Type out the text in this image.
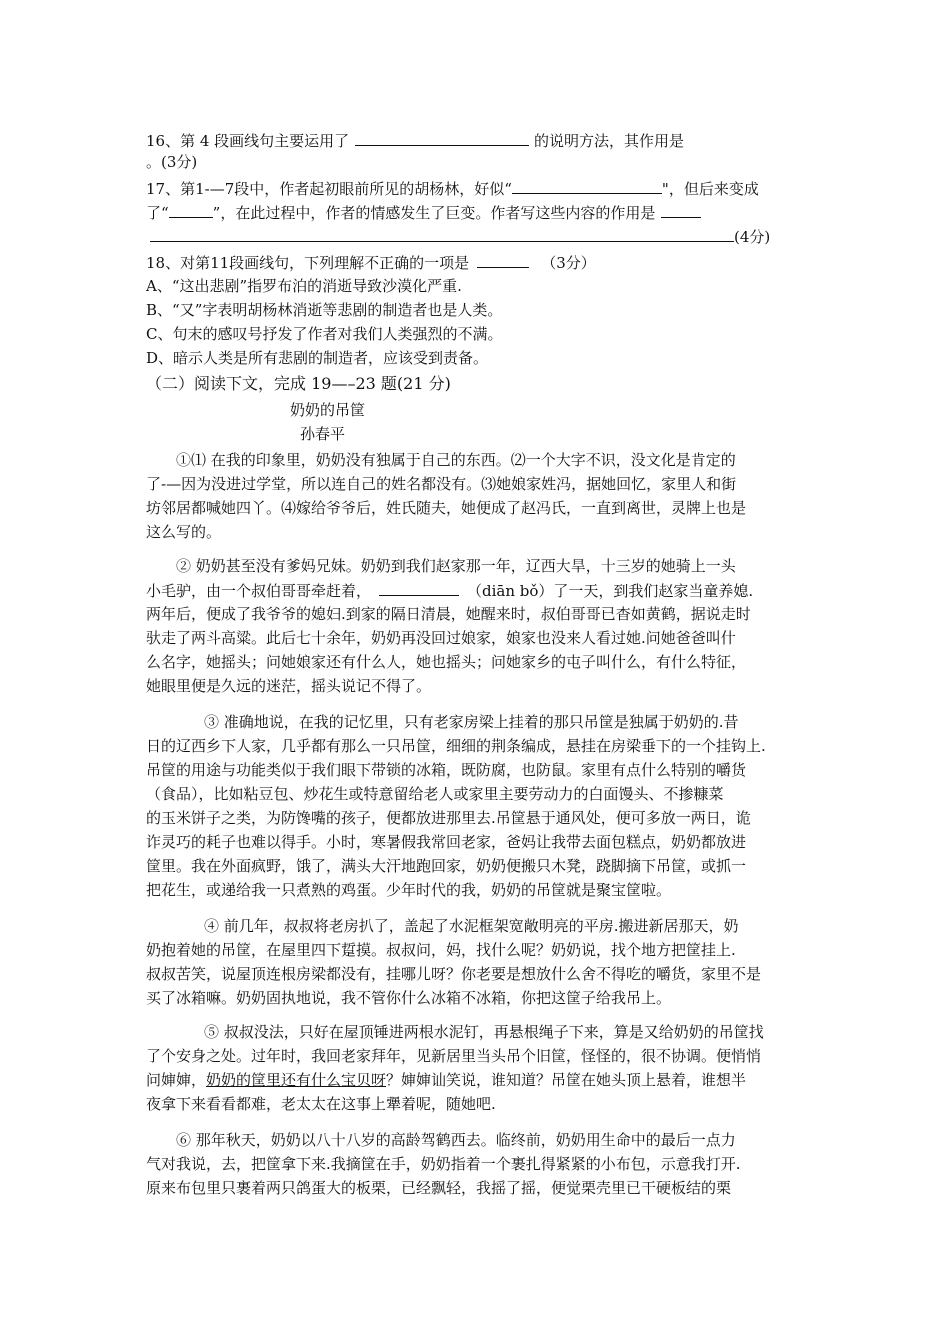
16、第 4 段画线句主要运用了	的说明方法，其作用是
。(3分)
17、第1-—7段中，作者起初眼前所见的胡杨林，好似“	"，但后来变成
了“	”，在此过程中，作者的情感发生了巨变。作者写这些内容的作用是
(4分)
18、对第11段画线句，下列理解不正确的一项是	（3分）
A、“这出悲剧”指罗布泊的消逝导致沙漠化严重.
B、“又”字表明胡杨林消逝等悲剧的制造者也是人类。
C、句末的感叹号抒发了作者对我们人类强烈的不满。
D、暗示人类是所有悲剧的制造者，应该受到责备。
（二）阅读下文，完成 19—–23 题(21 分)
奶奶的吊筐
孙春平
①⑴ 在我的印象里，奶奶没有独属于自己的东西。⑵一个大字不识，没文化是肯定的
了-—因为没进过学堂，所以连自己的姓名都没有。⑶她娘家姓冯，据她回忆，家里人和街
坊邻居都喊她四丫。⑷嫁给爷爷后，姓氏随夫，她便成了赵冯氏，一直到离世，灵牌上也是
这么写的。
② 奶奶甚至没有爹妈兄妹。奶奶到我们赵家那一年，辽西大旱，十三岁的她骑上一头
小毛驴，由一个叔伯哥哥牵赶着，	（diān bǒ）了一天，到我们赵家当童养媳.
两年后，便成了我爷爷的媳妇.到家的隔日清晨，她醒来时，叔伯哥哥已杳如黄鹤，据说走时
驮走了两斗高粱。此后七十余年，奶奶再没回过娘家，娘家也没来人看过她.问她爸爸叫什
么名字，她摇头；问她娘家还有什么人，她也摇头；问她家乡的屯子叫什么，有什么特征，
她眼里便是久远的迷茫，摇头说记不得了。
③ 准确地说，在我的记忆里，只有老家房梁上挂着的那只吊筐是独属于奶奶的.昔
日的辽西乡下人家，几乎都有那么一只吊筐，细细的荆条编成，悬挂在房梁垂下的一个挂钩上.
吊筐的用途与功能类似于我们眼下带锁的冰箱，既防腐，也防鼠。家里有点什么特别的嚼货
（食品），比如粘豆包、炒花生或特意留给老人或家里主要劳动力的白面馒头、不掺糠菜
的玉米饼子之类，为防馋嘴的孩子，便都放进那里去.吊筐悬于通风处，便可多放一两日，诡
诈灵巧的耗子也难以得手。小时，寒暑假我常回老家，爸妈让我带去面包糕点，奶奶都放进
筐里。我在外面疯野，饿了，满头大汗地跑回家，奶奶便搬只木凳，跷脚摘下吊筐，或抓一
把花生，或递给我一只煮熟的鸡蛋。少年时代的我，奶奶的吊筐就是聚宝筐啦。
④ 前几年，叔叔将老房扒了，盖起了水泥框架宽敞明亮的平房.搬进新居那天，奶
奶抱着她的吊筐，在屋里四下踅摸。叔叔问，妈，找什么呢？奶奶说，找个地方把筐挂上.
叔叔苦笑，说屋顶连根房梁都没有，挂哪儿呀？你老要是想放什么舍不得吃的嚼货，家里不是
买了冰箱嘛。奶奶固执地说，我不管你什么冰箱不冰箱，你把这筐子给我吊上。
⑤ 叔叔没法，只好在屋顶锤进两根水泥钉，再悬根绳子下来，算是又给奶奶的吊筐找
了个安身之处。过年时，我回老家拜年，见新居里当头吊个旧筐，怪怪的，很不协调。便悄悄
问婶婶，奶奶的筐里还有什么宝贝呀？婶婶讪笑说，谁知道？吊筐在她头顶上悬着，谁想半
夜拿下来看看都难，老太太在这事上犟着呢，随她吧.
⑥ 那年秋天，奶奶以八十八岁的高龄驾鹤西去。临终前，奶奶用生命中的最后一点力
气对我说，去，把筐拿下来.我摘筐在手，奶奶指着一个裹扎得紧紧的小布包，示意我打开.
原来布包里只裹着两只鸽蛋大的板栗，已经飘轻，我摇了摇，便觉栗壳里已干硬板结的栗
